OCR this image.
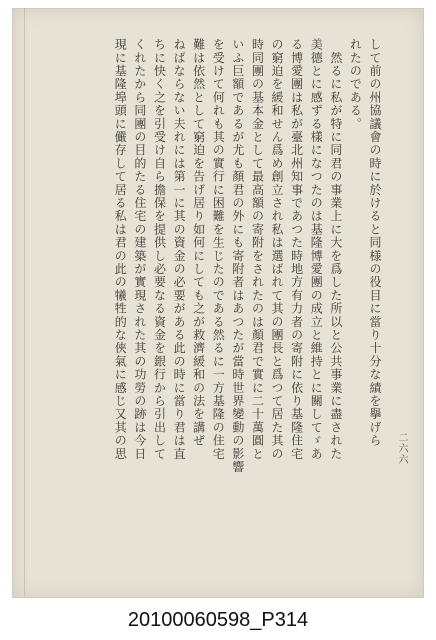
して前の州協議會の時に於けると同様の役目に當り十分な績を擧げら
れたのである。
　然るに私が特に同君の事業上に大を爲した所以と公共事業に盡された
美德とに感ずる樣になつたのは基隆博愛團の成立と維持とに關してゞあ
る博愛團は私が臺北州知事であつた時地方有力者の寄附に依り基隆住宅
の窮迫を緩和せん爲め創立され私は選ばれて其の團長と爲つて居た其の
時同團の基本金として最高額の寄附をされたのは顏君で實に二十萬圓と
いふ巨額であるが尤も顏君の外にも寄附者はあつたが當時世界變動の影響
を受けて何れも其の實行に困難を生じたのである然るに一方基隆の住宅
難は依然として窮迫を告げ居り如何にしても之が救濟緩和の法を講ぜ
ねばならない夫れには第一に其の資金の必要がある此の時に當り君は直
ちに快く之を引受け自ら擔保を提供し必要なる資金を銀行から引出して
くれたから同團の目的たる住宅の建築が實現された其の功勞の跡は今日
現に基隆埠頭に儼存して居る私は君の此の犧牲的な俠氣に感じ又其の思	二六六
20100060598_P314
